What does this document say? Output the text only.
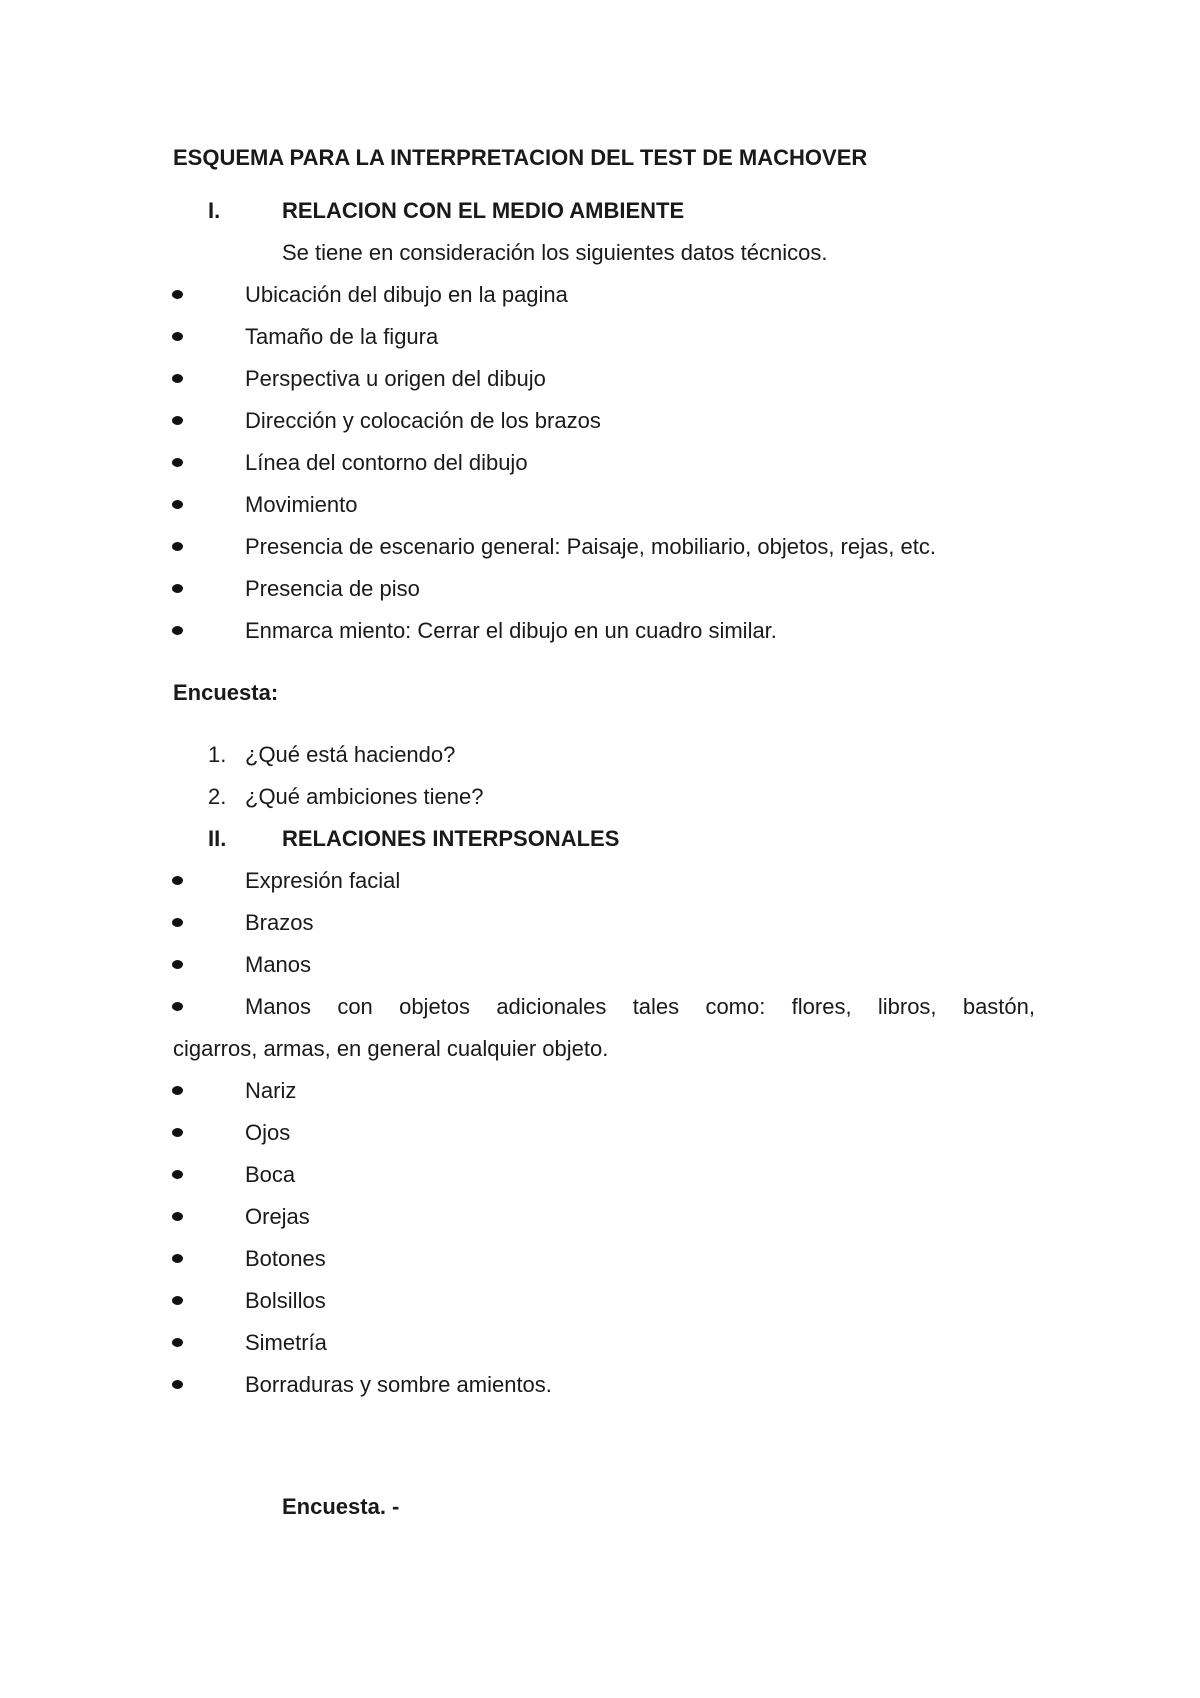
ESQUEMA PARA LA INTERPRETACION DEL TEST DE MACHOVER
I.	RELACION CON EL MEDIO AMBIENTE
Se tiene en consideración los siguientes datos técnicos.
Ubicación del dibujo en la pagina
Tamaño de la figura
Perspectiva u origen del dibujo
Dirección y colocación de los brazos
Línea del contorno del dibujo
Movimiento
Presencia de escenario general: Paisaje, mobiliario, objetos, rejas, etc.
Presencia de piso
Enmarca miento: Cerrar el dibujo en un cuadro similar.
Encuesta:
1. ¿Qué está haciendo?
2. ¿Qué ambiciones tiene?
II.	RELACIONES INTERPSONALES
Expresión facial
Brazos
Manos
Manos con objetos adicionales tales como: flores, libros, bastón,
cigarros, armas, en general cualquier objeto.
Nariz
Ojos
Boca
Orejas
Botones
Bolsillos
Simetría
Borraduras y sombre amientos.
Encuesta. -
